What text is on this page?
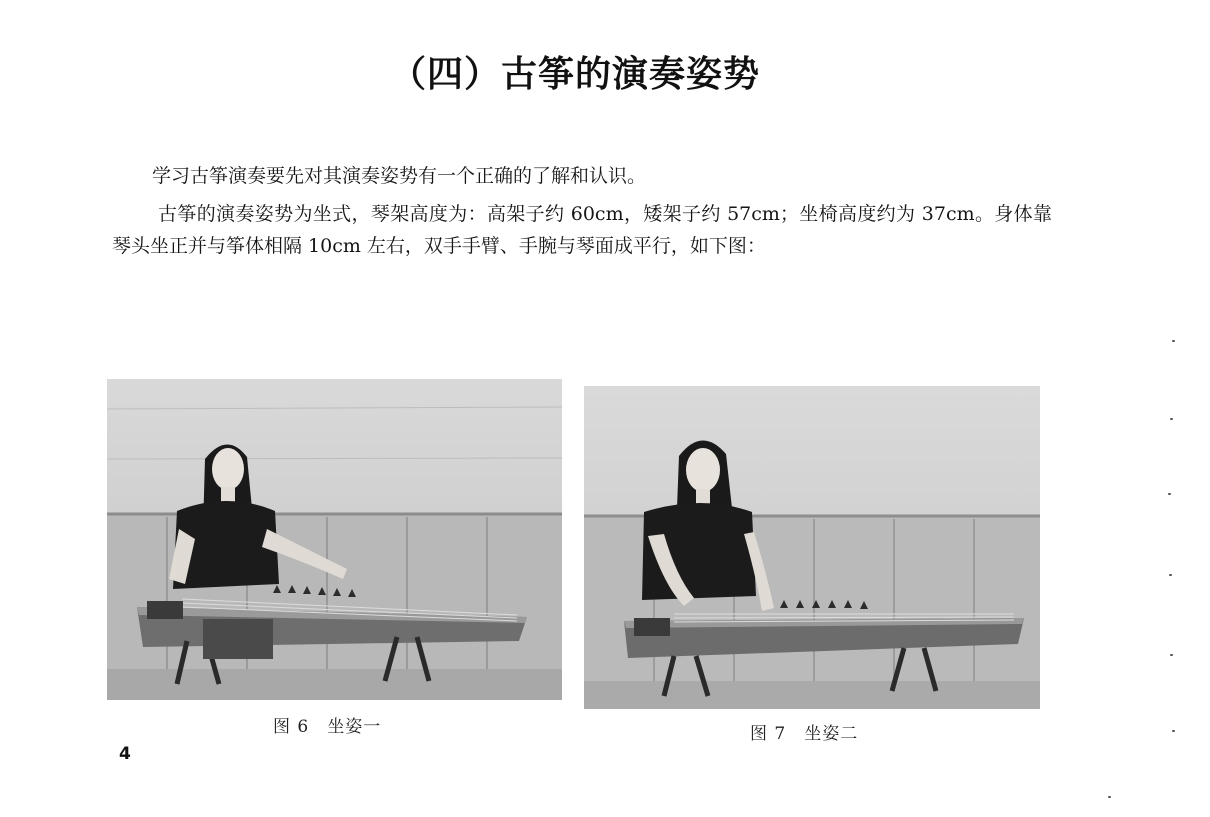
（四）古筝的演奏姿势

学习古筝演奏要先对其演奏姿势有一个正确的了解和认识。

古筝的演奏姿势为坐式，琴架高度为：高架子约 60cm，矮架子约 57cm；坐椅高度约为 37cm。身体靠琴头坐正并与筝体相隔 10cm 左右，双手手臂、手腕与琴面成平行，如下图：

图 6　坐姿一	图 7　坐姿二
4
